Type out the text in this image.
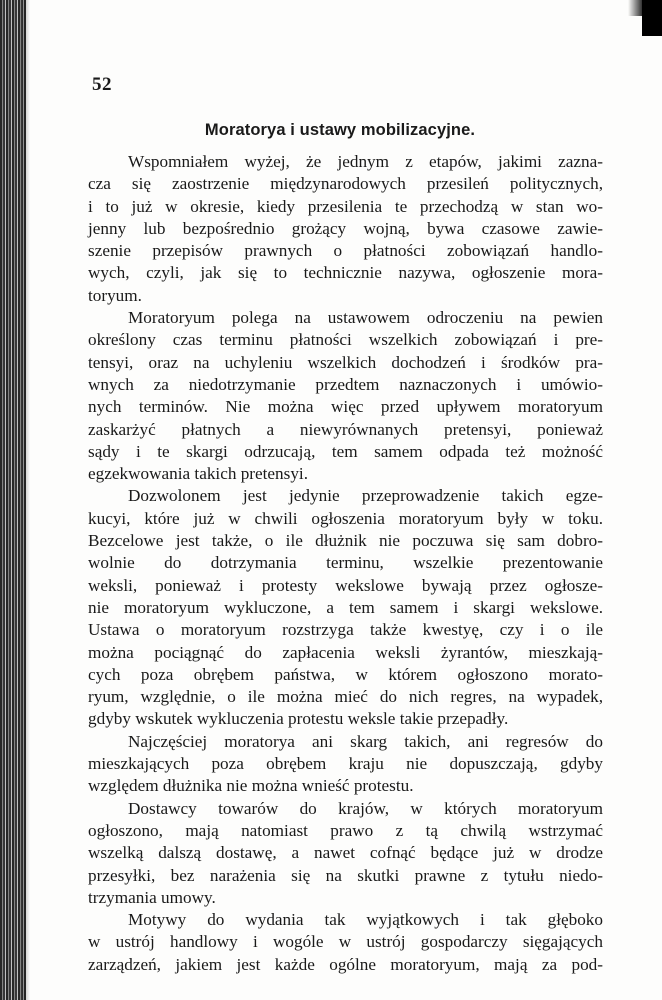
52
Moratorya i ustawy mobilizacyjne.

Wspomniałem wyżej, że jednym z etapów, jakimi zazna-
cza się zaostrzenie międzynarodowych przesileń politycznych,
i to już w okresie, kiedy przesilenia te przechodzą w stan wo-
jenny lub bezpośrednio grożący wojną, bywa czasowe zawie-
szenie przepisów prawnych o płatności zobowiązań handlo-
wych, czyli, jak się to technicznie nazywa, ogłoszenie mora-
toryum.

Moratoryum polega na ustawowem odroczeniu na pewien
określony czas terminu płatności wszelkich zobowiązań i pre-
tensyi, oraz na uchyleniu wszelkich dochodzeń i środków pra-
wnych za niedotrzymanie przedtem naznaczonych i umówio-
nych terminów. Nie można więc przed upływem moratoryum
zaskarżyć płatnych a niewyrównanych pretensyi, ponieważ
sądy i te skargi odrzucają, tem samem odpada też możność
egzekwowania takich pretensyi.

Dozwolonem jest jedynie przeprowadzenie takich egze-
kucyi, które już w chwili ogłoszenia moratoryum były w toku.
Bezcelowe jest także, o ile dłużnik nie poczuwa się sam dobro-
wolnie do dotrzymania terminu, wszelkie prezentowanie
weksli, ponieważ i protesty wekslowe bywają przez ogłosze-
nie moratoryum wykluczone, a tem samem i skargi wekslowe.
Ustawa o moratoryum rozstrzyga także kwestyę, czy i o ile
można pociągnąć do zapłacenia weksli żyrantów, mieszkają-
cych poza obrębem państwa, w którem ogłoszono morato-
ryum, względnie, o ile można mieć do nich regres, na wypadek,
gdyby wskutek wykluczenia protestu weksle takie przepadły.

Najczęściej moratorya ani skarg takich, ani regresów do
mieszkających poza obrębem kraju nie dopuszczają, gdyby
względem dłużnika nie można wnieść protestu.

Dostawcy towarów do krajów, w których moratoryum
ogłoszono, mają natomiast prawo z tą chwilą wstrzymać
wszelką dalszą dostawę, a nawet cofnąć będące już w drodze
przesyłki, bez narażenia się na skutki prawne z tytułu niedo-
trzymania umowy.

Motywy do wydania tak wyjątkowych i tak głęboko
w ustrój handlowy i wogóle w ustrój gospodarczy sięgających
zarządzeń, jakiem jest każde ogólne moratoryum, mają za pod-
